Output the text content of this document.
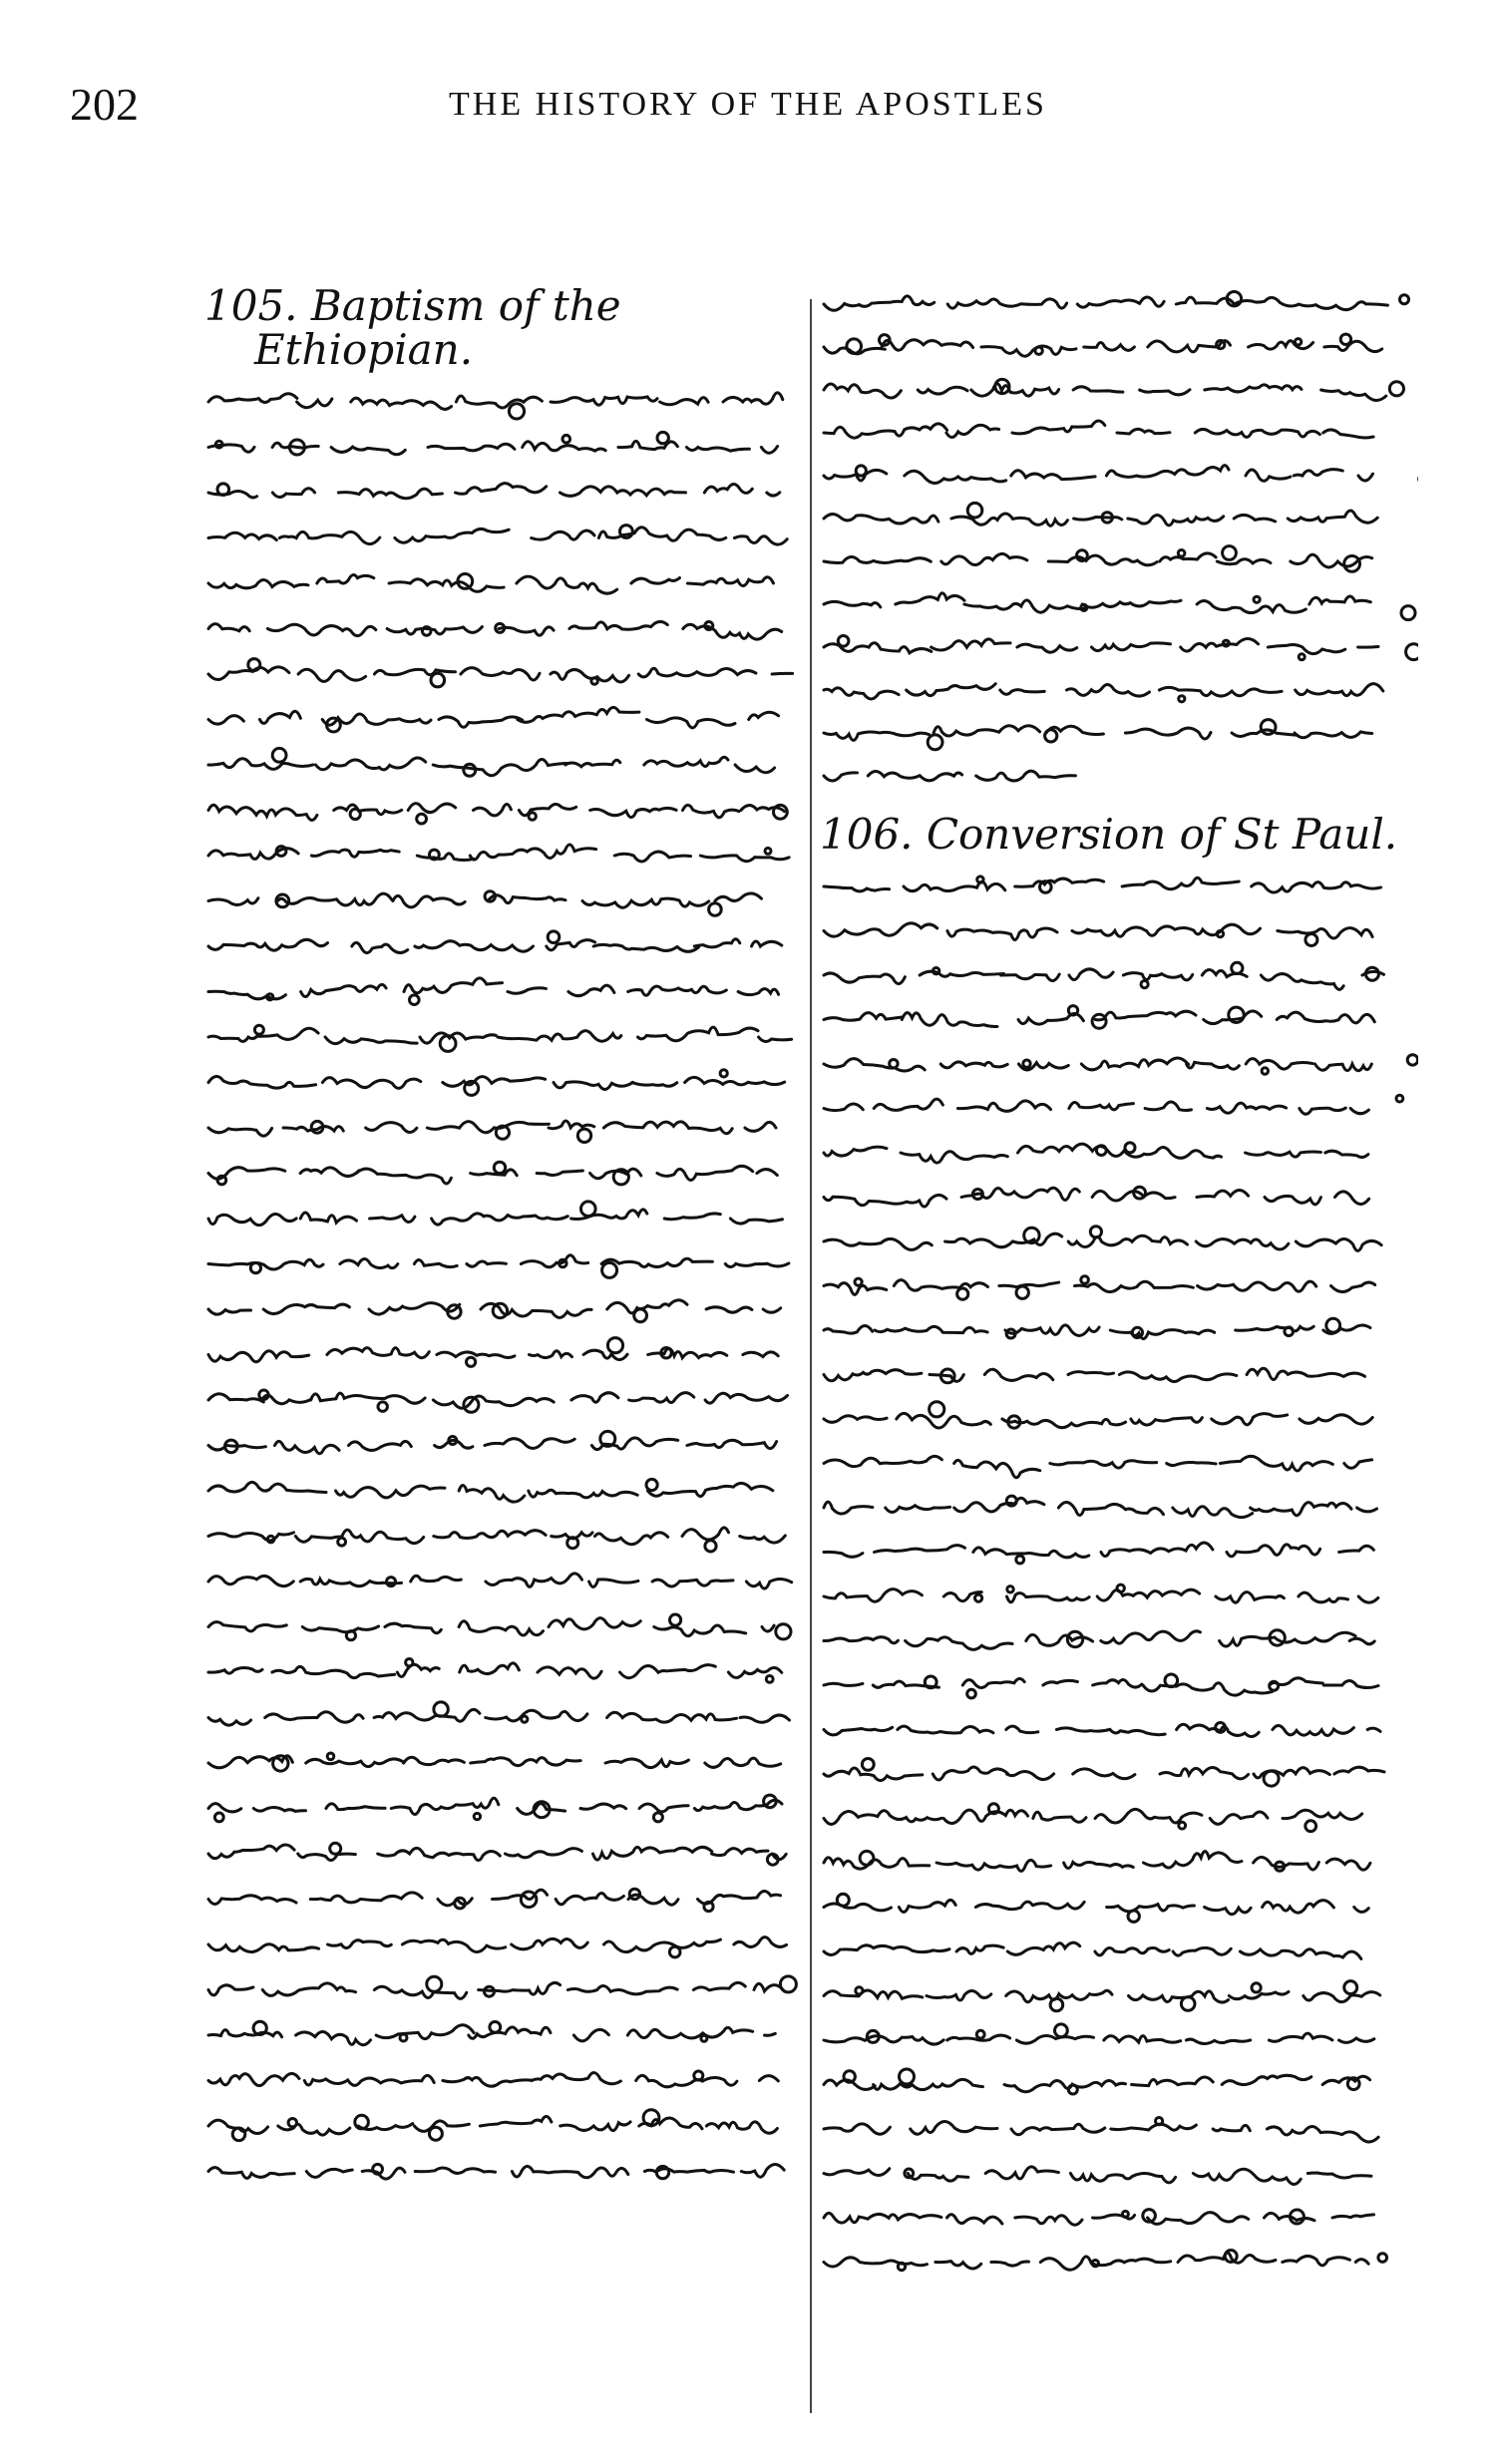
202	THE HISTORY OF THE APOSTLES

105. Baptism of the

Ethiopian.

106. Conversion of St Paul.
